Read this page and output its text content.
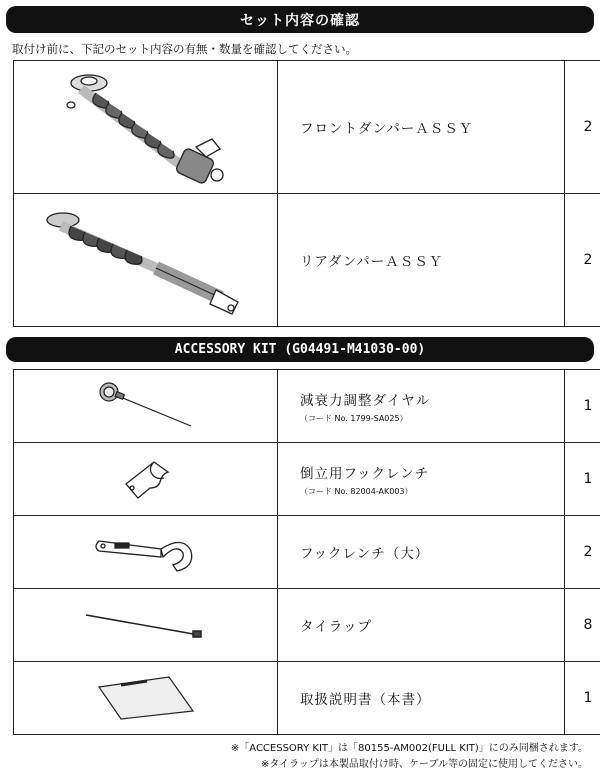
セット内容の確認
取付け前に、下記のセット内容の有無・数量を確認してください。
	フロントダンパーＡＳＳＹ	2

	リアダンパーＡＳＳＹ	2
ACCESSORY KIT (G04491-M41030-00)
	減衰力調整ダイヤル
（コード No. 1799-SA025）	1

	倒立用フックレンチ
（コード No. 82004-AK003）	1

	フックレンチ（大）	2

	タイラップ	8

	取扱説明書（本書）	1
※「ACCESSORY KIT」は「80155-AM002(FULL KIT)」にのみ同梱されます。
※タイラップは本製品取付け時、ケーブル等の固定に使用してください。
